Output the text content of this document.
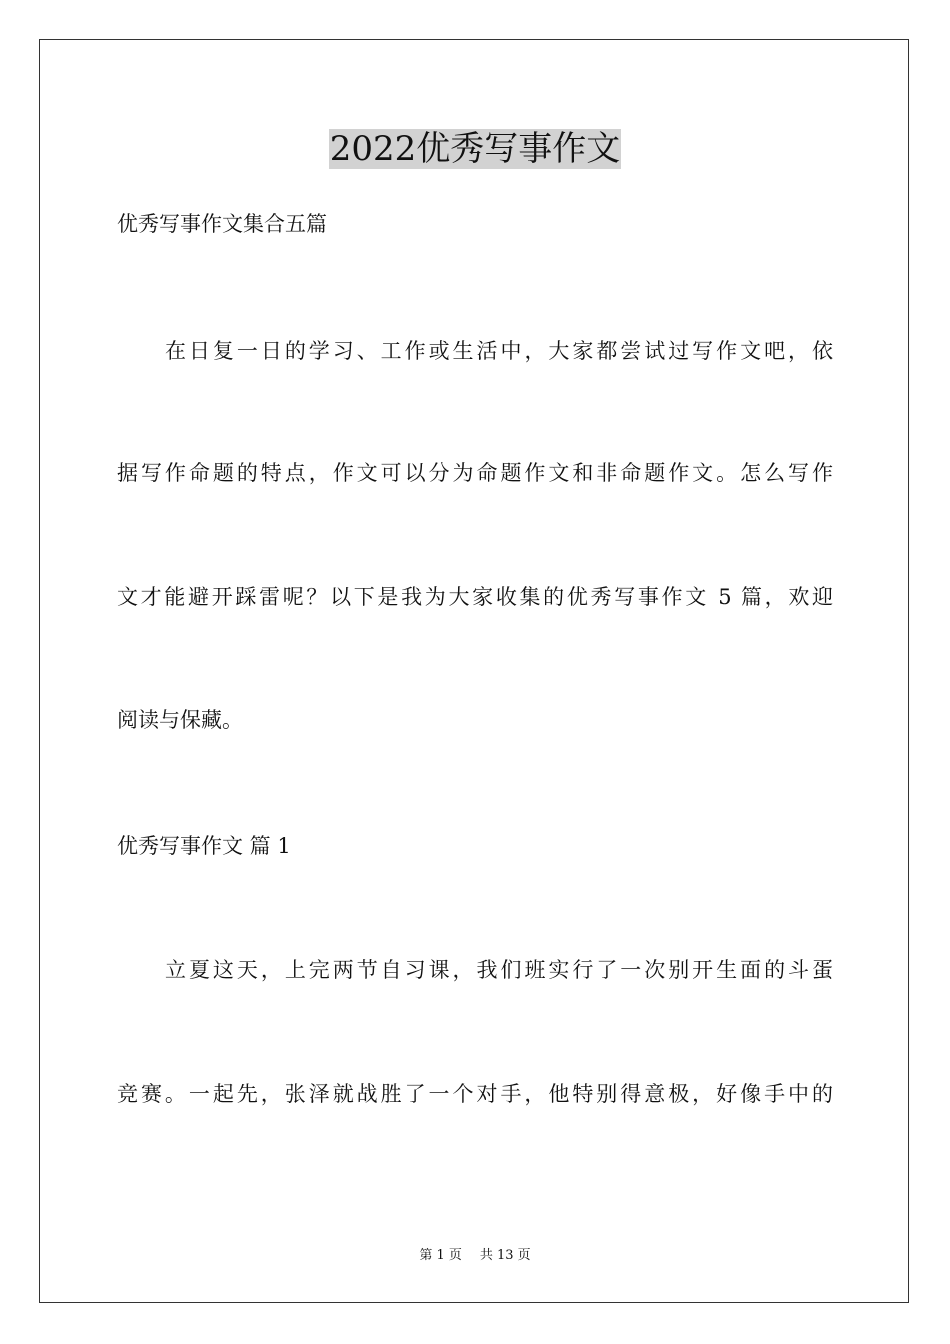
2022优秀写事作文
优秀写事作文集合五篇
在日复一日的学习、工作或生活中，大家都尝试过写作文吧，依
据写作命题的特点，作文可以分为命题作文和非命题作文。怎么写作
文才能避开踩雷呢？以下是我为大家收集的优秀写事作文 5 篇，欢迎
阅读与保藏。
优秀写事作文 篇 1
立夏这天，上完两节自习课，我们班实行了一次别开生面的斗蛋
竞赛。一起先，张泽就战胜了一个对手，他特别得意极，好像手中的
第 1 页 共 13 页
